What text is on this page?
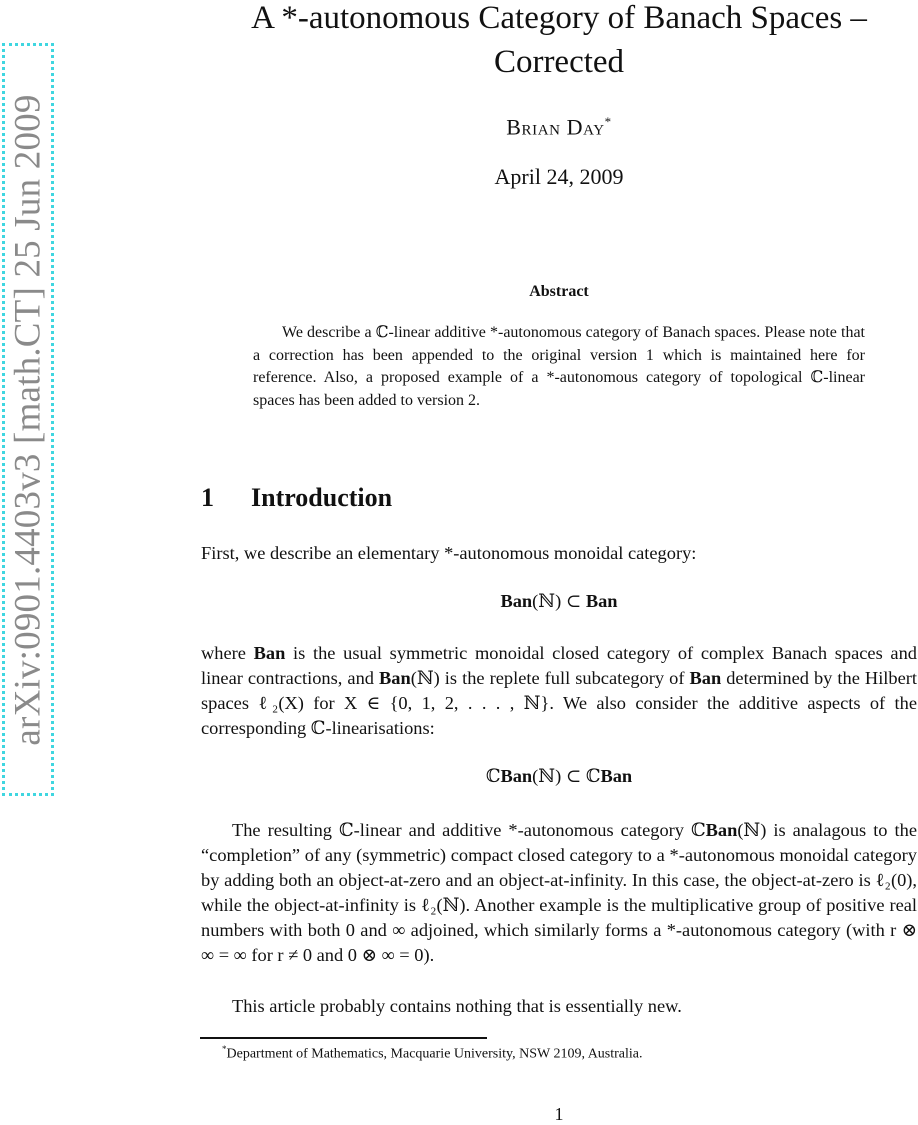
arXiv:0901.4403v3 [math.CT] 25 Jun 2009
A *-autonomous Category of Banach Spaces –
Corrected
Brian Day*
April 24, 2009
Abstract

We describe a ℂ-linear additive *-autonomous category of Banach spaces. Please note that a correction has been appended to the original version 1 which is maintained here for reference. Also, a proposed example of a *-autonomous category of topological ℂ-linear spaces has been added to version 2.

1 Introduction

First, we describe an elementary *-autonomous monoidal category:

Ban(ℕ) ⊂ Ban

where Ban is the usual symmetric monoidal closed category of complex Banach spaces and linear contractions, and Ban(ℕ) is the replete full subcategory of Ban determined by the Hilbert spaces ℓ₂(X) for X ∈ {0, 1, 2, . . . , ℕ}. We also consider the additive aspects of the corresponding ℂ-linearisations:

ℂBan(ℕ) ⊂ ℂBan

The resulting ℂ-linear and additive *-autonomous category ℂBan(ℕ) is analagous to the “completion” of any (symmetric) compact closed category to a *-autonomous monoidal category by adding both an object-at-zero and an object-at-infinity. In this case, the object-at-zero is ℓ₂(0), while the object-at-infinity is ℓ₂(ℕ). Another example is the multiplicative group of positive real numbers with both 0 and ∞ adjoined, which similarly forms a *-autonomous category (with r ⊗ ∞ = ∞ for r ≠ 0 and 0 ⊗ ∞ = 0).

This article probably contains nothing that is essentially new.

*Department of Mathematics, Macquarie University, NSW 2109, Australia.
1
